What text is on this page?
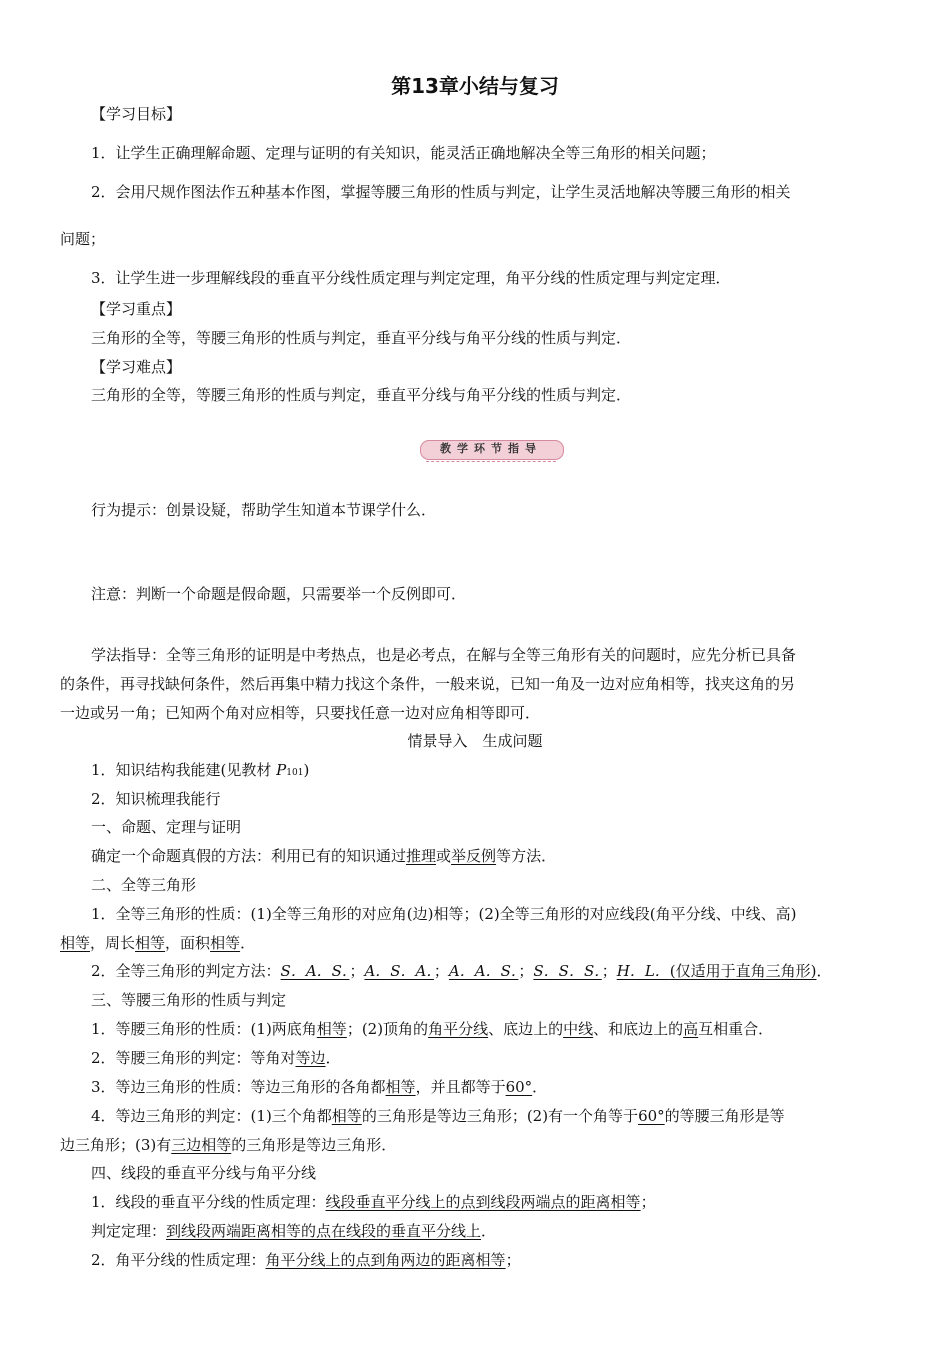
第13章小结与复习
【学习目标】
1．让学生正确理解命题、定理与证明的有关知识，能灵活正确地解决全等三角形的相关问题；
2．会用尺规作图法作五种基本作图，掌握等腰三角形的性质与判定，让学生灵活地解决等腰三角形的相关
问题；
3．让学生进一步理解线段的垂直平分线性质定理与判定定理，角平分线的性质定理与判定定理．
【学习重点】
三角形的全等，等腰三角形的性质与判定，垂直平分线与角平分线的性质与判定．
【学习难点】
三角形的全等，等腰三角形的性质与判定，垂直平分线与角平分线的性质与判定．
教学环节指导
行为提示：创景设疑，帮助学生知道本节课学什么．
注意：判断一个命题是假命题，只需要举一个反例即可．
学法指导：全等三角形的证明是中考热点，也是必考点，在解与全等三角形有关的问题时，应先分析已具备
的条件，再寻找缺何条件，然后再集中精力找这个条件，一般来说，已知一角及一边对应角相等，找夹这角的另
一边或另一角；已知两个角对应相等，只要找任意一边对应角相等即可．
情景导入　生成问题
1．知识结构我能建(见教材 P101)
2．知识梳理我能行
一、命题、定理与证明
确定一个命题真假的方法：利用已有的知识通过推理或举反例等方法．
二、全等三角形
1．全等三角形的性质：(1)全等三角形的对应角(边)相等；(2)全等三角形的对应线段(角平分线、中线、高)
相等，周长相等，面积相等．
2．全等三角形的判定方法：S．A．S．；A．S．A．；A．A．S．；S．S．S．；H．L．(仅适用于直角三角形)．
三、等腰三角形的性质与判定
1．等腰三角形的性质：(1)两底角相等；(2)顶角的角平分线、底边上的中线、和底边上的高互相重合．
2．等腰三角形的判定：等角对等边．
3．等边三角形的性质：等边三角形的各角都相等，并且都等于60°．
4．等边三角形的判定：(1)三个角都相等的三角形是等边三角形；(2)有一个角等于60°的等腰三角形是等
边三角形；(3)有三边相等的三角形是等边三角形．
四、线段的垂直平分线与角平分线
1．线段的垂直平分线的性质定理：线段垂直平分线上的点到线段两端点的距离相等；
判定定理：到线段两端距离相等的点在线段的垂直平分线上．
2．角平分线的性质定理：角平分线上的点到角两边的距离相等；
